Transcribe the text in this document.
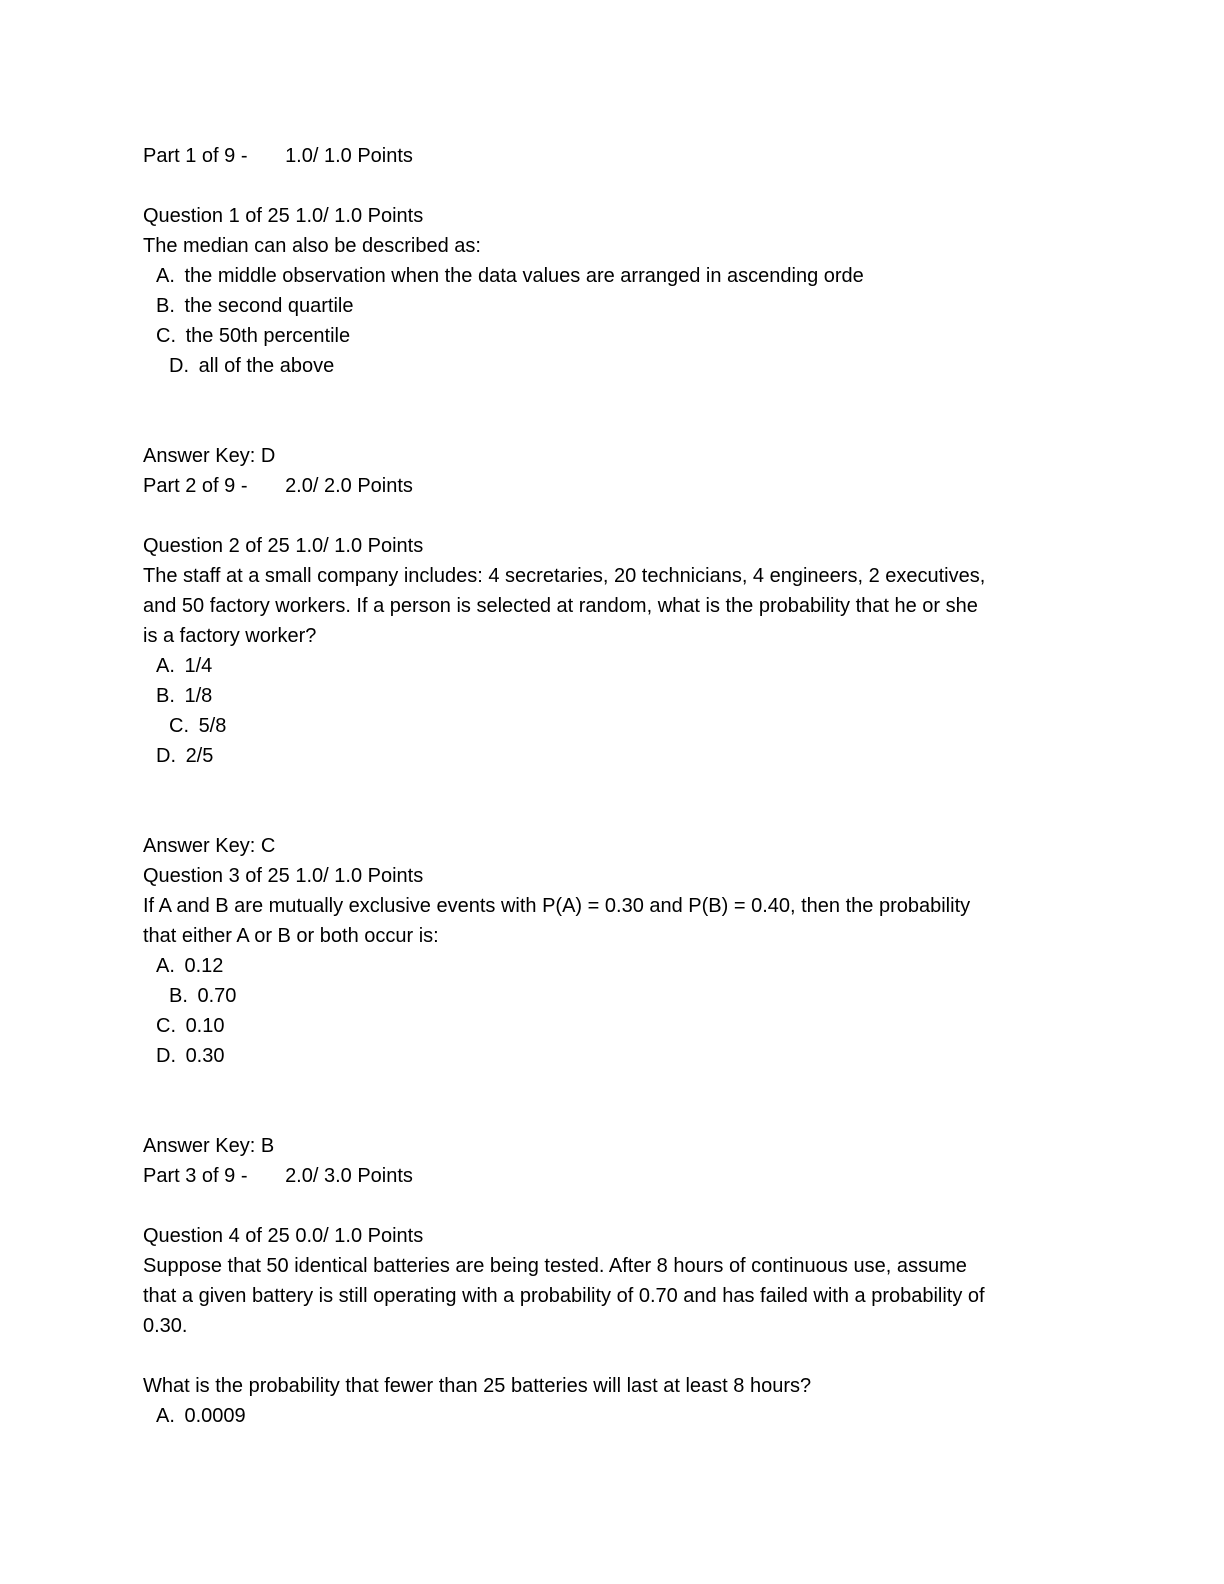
Part 1 of 9 - 1.0/ 1.0 Points
Question 1 of 25 1.0/ 1.0 Points
The median can also be described as:
A. the middle observation when the data values are arranged in ascending orde
B. the second quartile
C. the 50th percentile
D. all of the above
Answer Key: D
Part 2 of 9 - 2.0/ 2.0 Points
Question 2 of 25 1.0/ 1.0 Points
The staff at a small company includes: 4 secretaries, 20 technicians, 4 engineers, 2 executives,
and 50 factory workers. If a person is selected at random, what is the probability that he or she
is a factory worker?
A. 1/4
B. 1/8
C. 5/8
D. 2/5
Answer Key: C
Question 3 of 25 1.0/ 1.0 Points
If A and B are mutually exclusive events with P(A) = 0.30 and P(B) = 0.40, then the probability
that either A or B or both occur is:
A. 0.12
B. 0.70
C. 0.10
D. 0.30
Answer Key: B
Part 3 of 9 - 2.0/ 3.0 Points
Question 4 of 25 0.0/ 1.0 Points
Suppose that 50 identical batteries are being tested. After 8 hours of continuous use, assume
that a given battery is still operating with a probability of 0.70 and has failed with a probability of
0.30.
What is the probability that fewer than 25 batteries will last at least 8 hours?
A. 0.0009
